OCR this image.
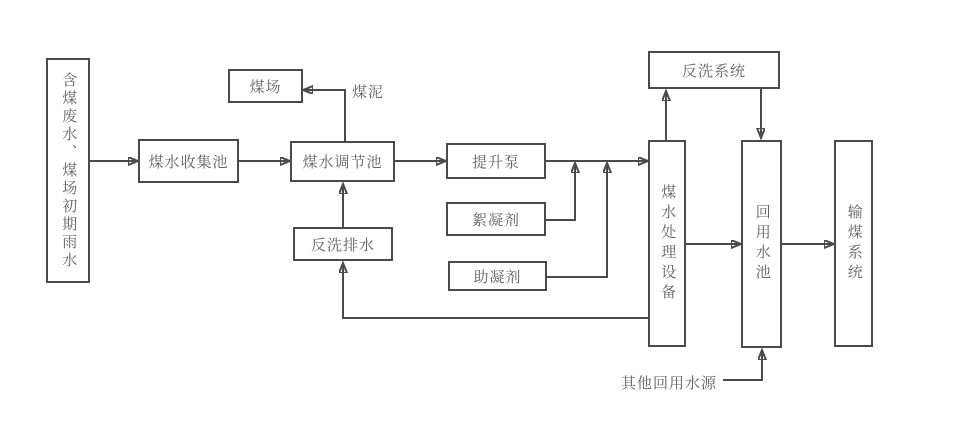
含煤废水、煤场初期雨水	煤场
煤水收集池	煤水调节池	提升泵
絮凝剂
助凝剂
反洗排水
反洗系统
煤水处理设备	回用水池	输煤系统
煤泥
其他回用水源
